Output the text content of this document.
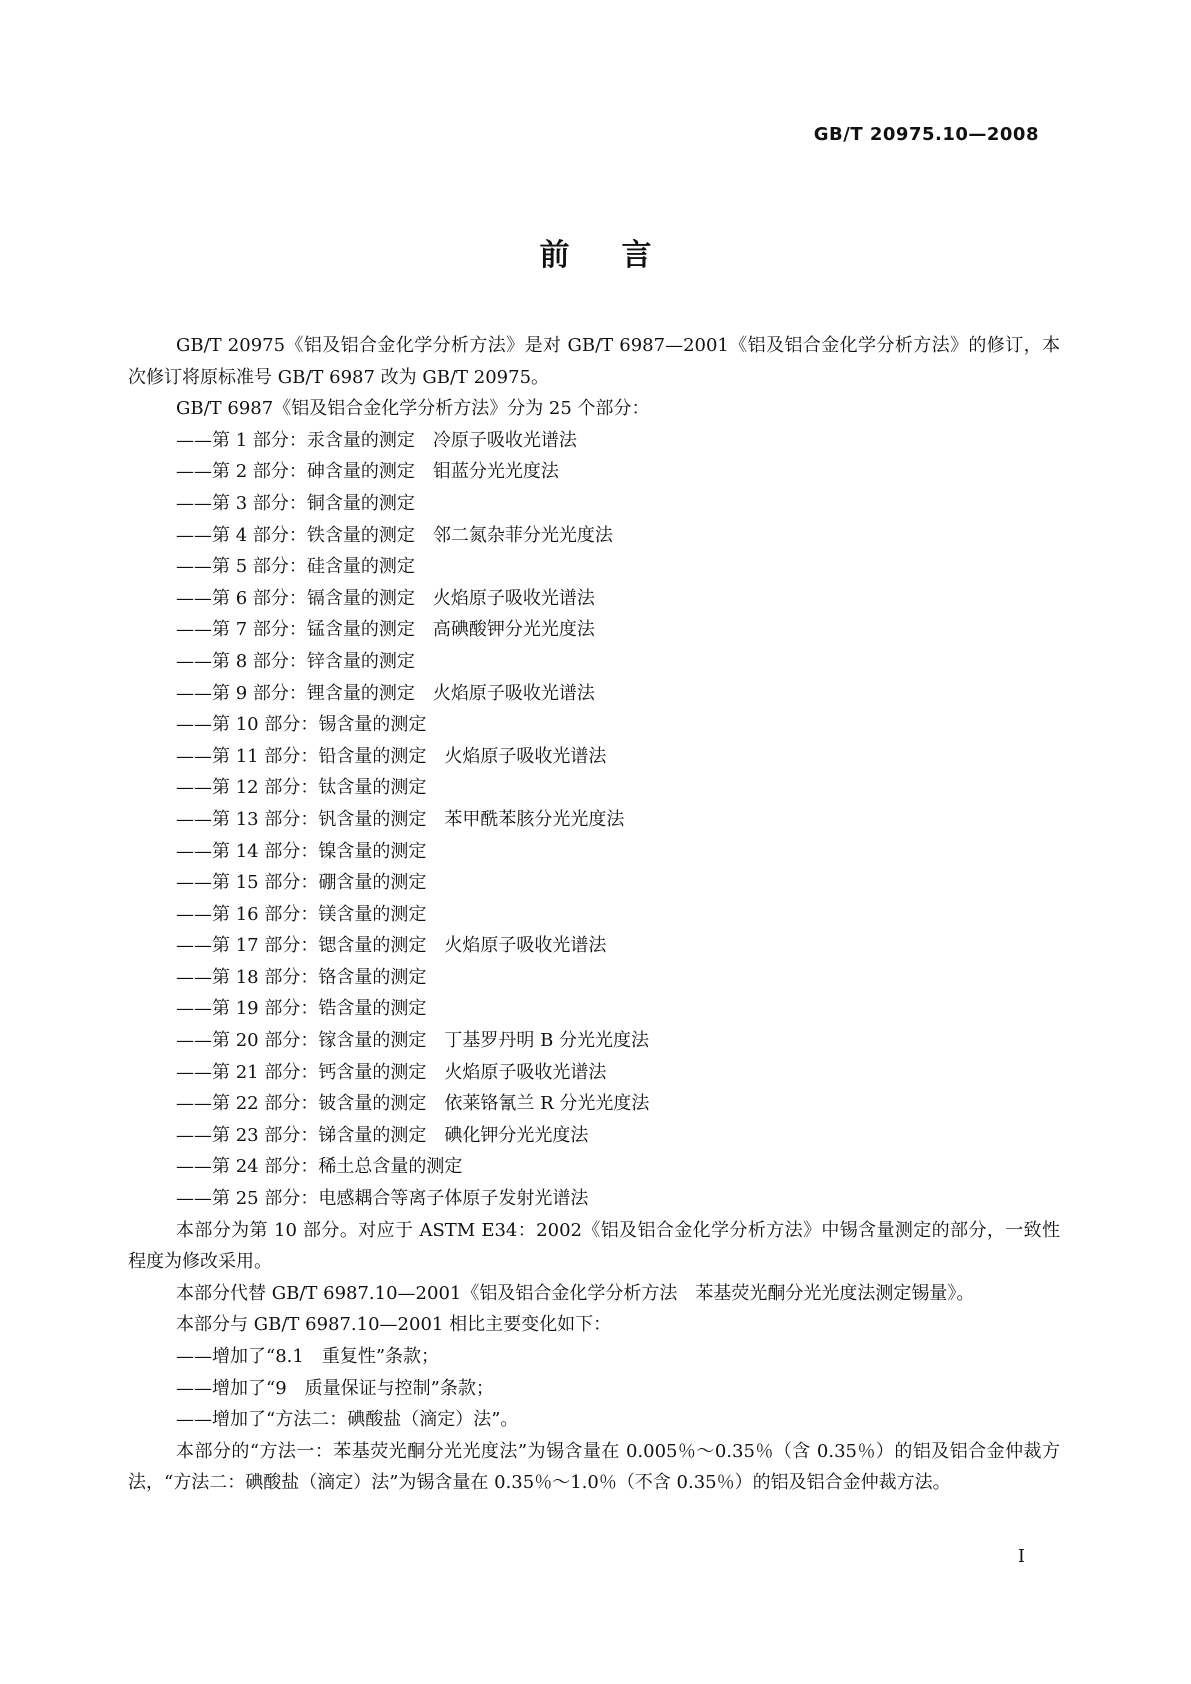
GB/T 20975.10—2008
前言

GB/T 20975《铝及铝合金化学分析方法》是对 GB/T 6987—2001《铝及铝合金化学分析方法》的修订，本次修订将原标准号 GB/T 6987 改为 GB/T 20975。

GB/T 6987《铝及铝合金化学分析方法》分为 25 个部分：

——第 1 部分：汞含量的测定　冷原子吸收光谱法

——第 2 部分：砷含量的测定　钼蓝分光光度法

——第 3 部分：铜含量的测定

——第 4 部分：铁含量的测定　邻二氮杂菲分光光度法

——第 5 部分：硅含量的测定

——第 6 部分：镉含量的测定　火焰原子吸收光谱法

——第 7 部分：锰含量的测定　高碘酸钾分光光度法

——第 8 部分：锌含量的测定

——第 9 部分：锂含量的测定　火焰原子吸收光谱法

——第 10 部分：锡含量的测定

——第 11 部分：铅含量的测定　火焰原子吸收光谱法

——第 12 部分：钛含量的测定

——第 13 部分：钒含量的测定　苯甲酰苯胲分光光度法

——第 14 部分：镍含量的测定

——第 15 部分：硼含量的测定

——第 16 部分：镁含量的测定

——第 17 部分：锶含量的测定　火焰原子吸收光谱法

——第 18 部分：铬含量的测定

——第 19 部分：锆含量的测定

——第 20 部分：镓含量的测定　丁基罗丹明 B 分光光度法

——第 21 部分：钙含量的测定　火焰原子吸收光谱法

——第 22 部分：铍含量的测定　依莱铬氰兰 R 分光光度法

——第 23 部分：锑含量的测定　碘化钾分光光度法

——第 24 部分：稀土总含量的测定

——第 25 部分：电感耦合等离子体原子发射光谱法

本部分为第 10 部分。对应于 ASTM E34：2002《铝及铝合金化学分析方法》中锡含量测定的部分，一致性程度为修改采用。

本部分代替 GB/T 6987.10—2001《铝及铝合金化学分析方法　苯基荧光酮分光光度法测定锡量》。

本部分与 GB/T 6987.10—2001 相比主要变化如下：

——增加了“8.1　重复性”条款；

——增加了“9　质量保证与控制”条款；

——增加了“方法二：碘酸盐（滴定）法”。

本部分的“方法一：苯基荧光酮分光光度法”为锡含量在 0.005％～0.35％（含 0.35％）的铝及铝合金仲裁方法，“方法二：碘酸盐（滴定）法”为锡含量在 0.35％～1.0％（不含 0.35％）的铝及铝合金仲裁方法。

I
